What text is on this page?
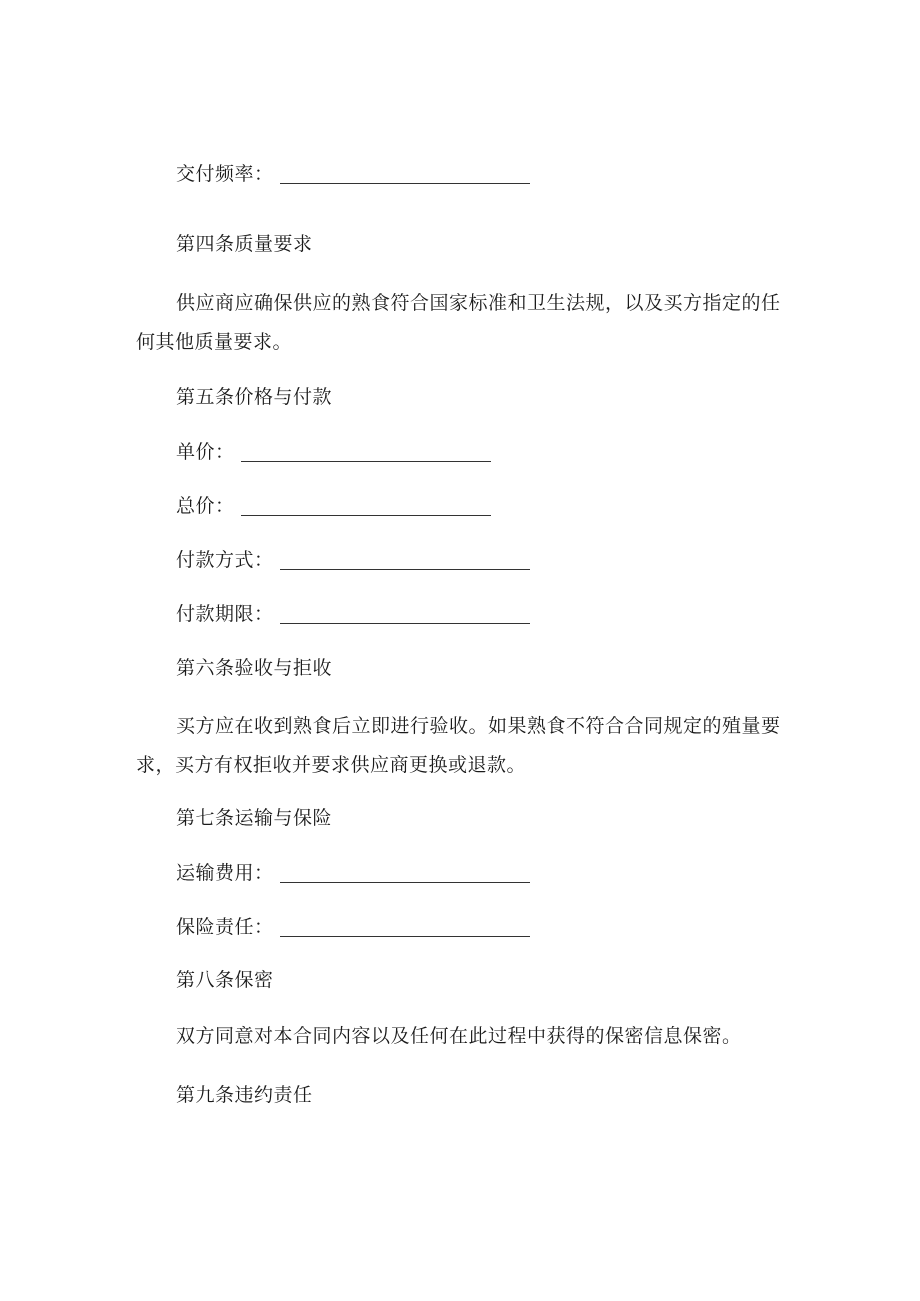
交付频率：
第四条质量要求
供应商应确保供应的熟食符合国家标准和卫生法规，以及买方指定的任何其他质量要求。
第五条价格与付款
单价：
总价：
付款方式：
付款期限：
第六条验收与拒收
买方应在收到熟食后立即进行验收。如果熟食不符合合同规定的殖量要求，买方有权拒收并要求供应商更换或退款。
第七条运输与保险
运输费用：
保险责任：
第八条保密
双方同意对本合同内容以及任何在此过程中获得的保密信息保密。
第九条违约责任
